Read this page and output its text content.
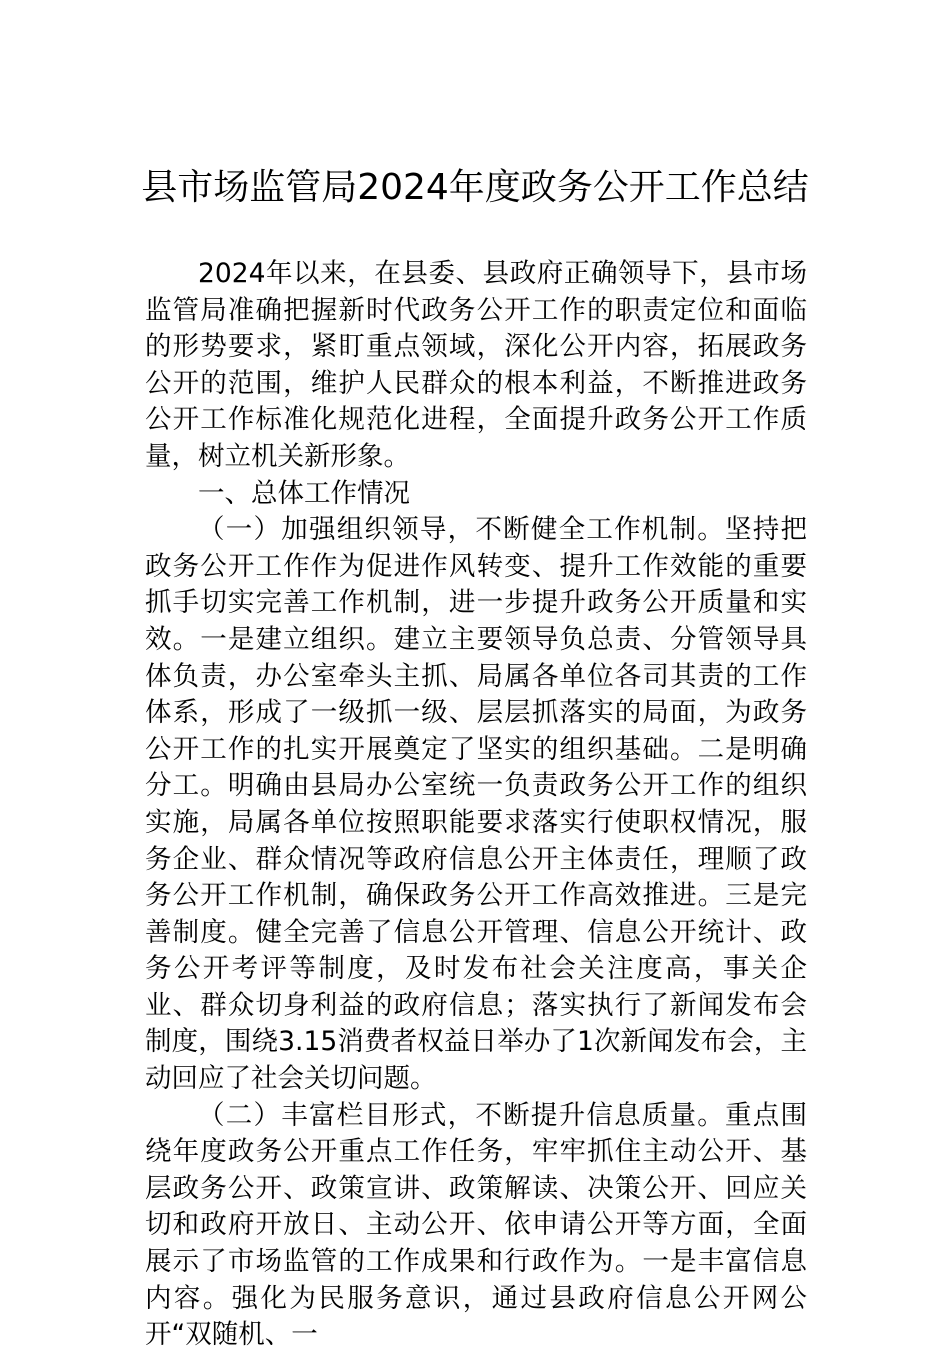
县市场监管局2024年度政务公开工作总结

2024年以来，在县委、县政府正确领导下，县市场监管局准确把握新时代政务公开工作的职责定位和面临的形势要求，紧盯重点领域，深化公开内容，拓展政务公开的范围，维护人民群众的根本利益，不断推进政务公开工作标准化规范化进程，全面提升政务公开工作质量，树立机关新形象。

一、总体工作情况

（一）加强组织领导，不断健全工作机制。坚持把政务公开工作作为促进作风转变、提升工作效能的重要抓手切实完善工作机制，进一步提升政务公开质量和实效。一是建立组织。建立主要领导负总责、分管领导具体负责，办公室牵头主抓、局属各单位各司其责的工作体系，形成了一级抓一级、层层抓落实的局面，为政务公开工作的扎实开展奠定了坚实的组织基础。二是明确分工。明确由县局办公室统一负责政务公开工作的组织实施，局属各单位按照职能要求落实行使职权情况，服务企业、群众情况等政府信息公开主体责任，理顺了政务公开工作机制，确保政务公开工作高效推进。三是完善制度。健全完善了信息公开管理、信息公开统计、政务公开考评等制度，及时发布社会关注度高，事关企业、群众切身利益的政府信息；落实执行了新闻发布会制度，围绕3.15消费者权益日举办了1次新闻发布会，主动回应了社会关切问题。

（二）丰富栏目形式，不断提升信息质量。重点围绕年度政务公开重点工作任务，牢牢抓住主动公开、基层政务公开、政策宣讲、政策解读、决策公开、回应关切和政府开放日、主动公开、依申请公开等方面，全面展示了市场监管的工作成果和行政作为。一是丰富信息内容。强化为民服务意识，通过县政府信息公开网公开“双随机、一
